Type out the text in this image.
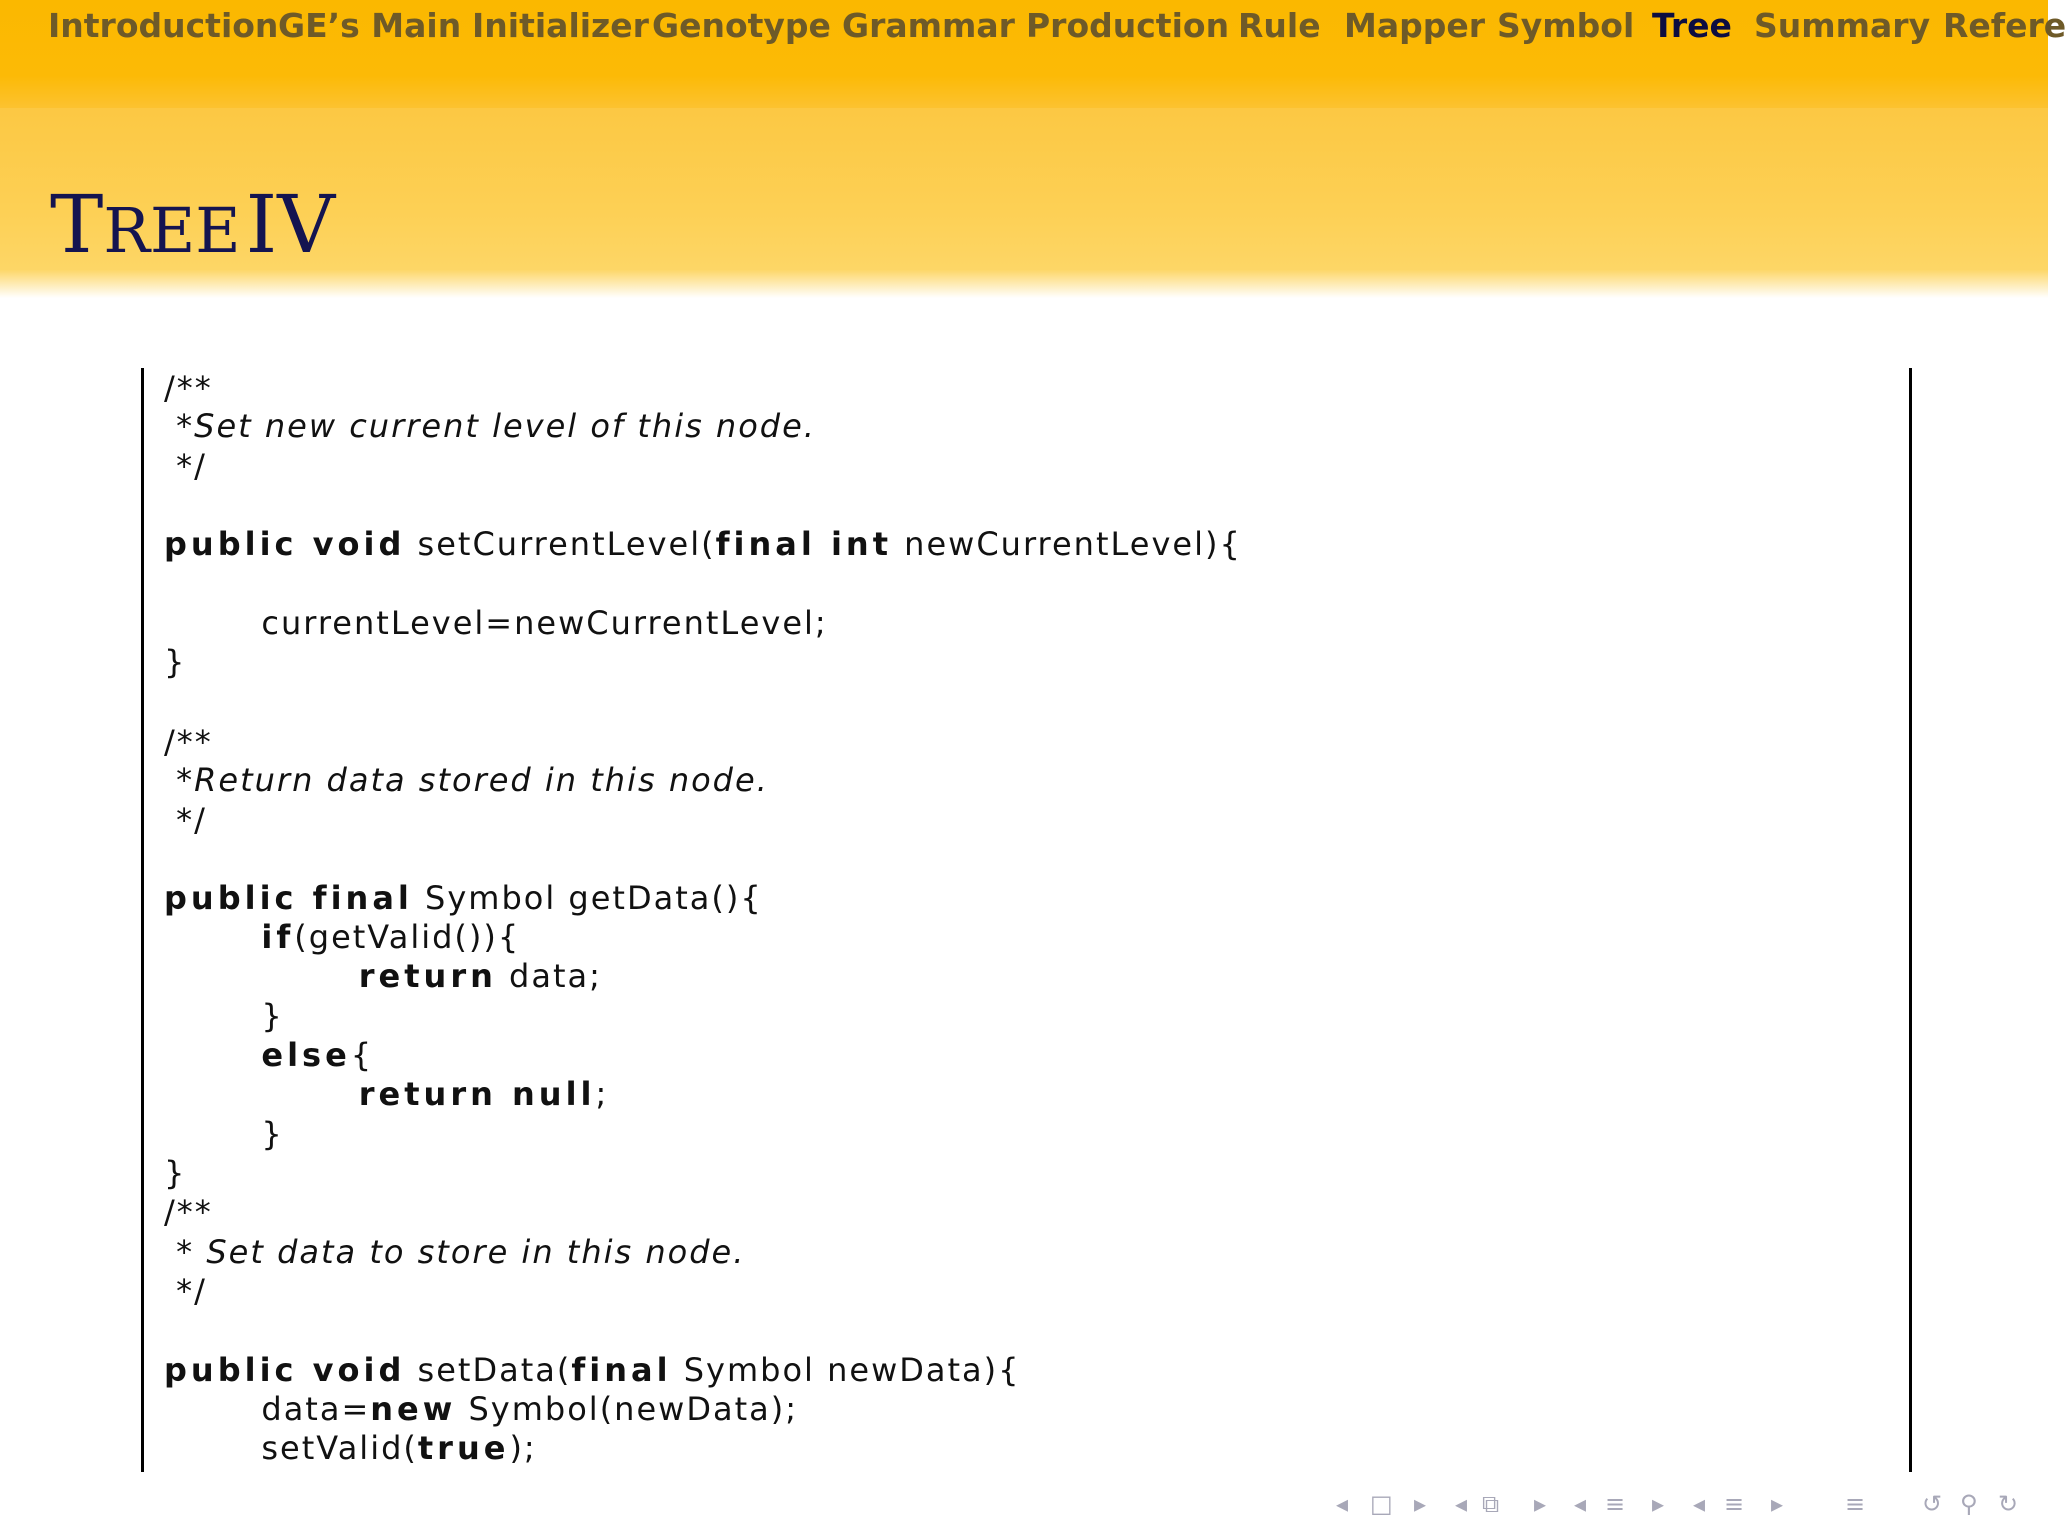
Introduction GE’s Main Initializer Genotype Grammar Production Rule Mapper Symbol Tree Summary Refere
TREE IV
/**
*Set new current level of this node.
*/
public void setCurrentLevel(final int newCurrentLevel){
currentLevel=newCurrentLevel;
}
/**
*Return data stored in this node.
*/
public final Symbol getData(){
if(getValid()){
return data;
}
else{
return null;
}
}
/**
* Set data to store in this node.
*/
public void setData(final Symbol newData){
data=new Symbol(newData);
setValid(true);
◂ □ ▸ ◂ ⧉ ▸ ◂ ≡ ▸ ◂ ≡ ▸	≡ ↺ ⚲ ↻
